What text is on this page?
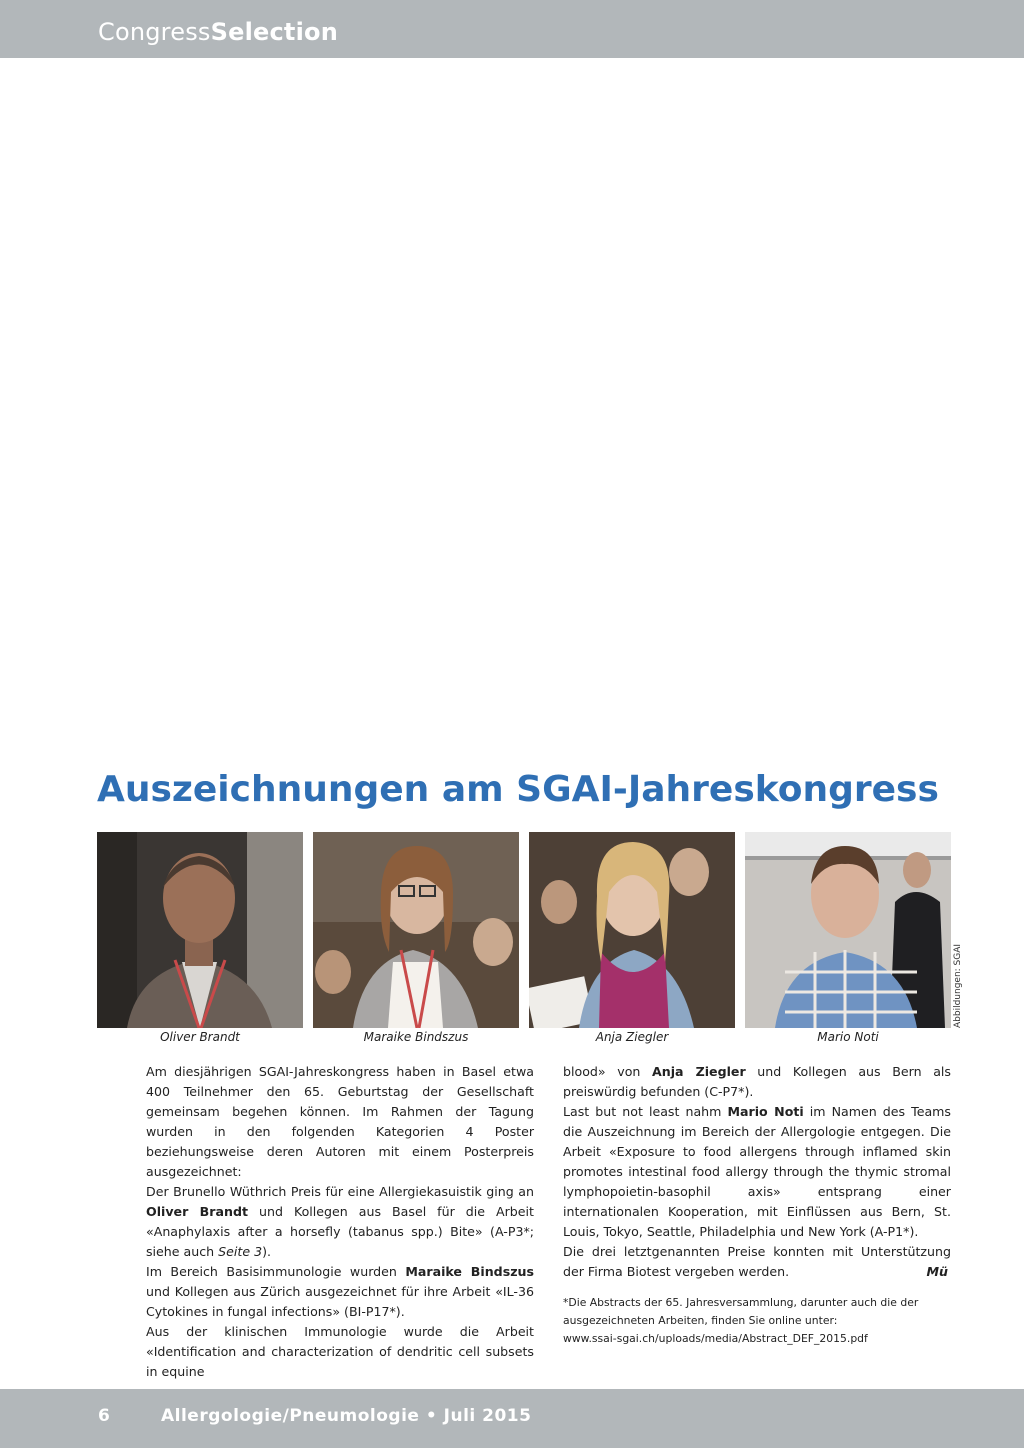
CongressSelection
Auszeichnungen am SGAI-Jahreskongress
Oliver Brandt	Maraike Bindszus	Anja Ziegler	Mario Noti
Abbildungen: SGAI

Am diesjährigen SGAI-Jahreskongress haben in Basel etwa 400 Teilnehmer den 65. Geburtstag der Gesellschaft gemeinsam begehen können. Im Rahmen der Tagung wurden in den folgenden Kategorien 4 Poster beziehungsweise deren Autoren mit einem Posterpreis ausgezeichnet:

Der Brunello Wüthrich Preis für eine Allergiekasuistik ging an Oliver Brandt und Kollegen aus Basel für die Arbeit «Anaphylaxis after a horsefly (tabanus spp.) Bite» (A-P3*; siehe auch Seite 3).

Im Bereich Basisimmunologie wurden Maraike Bindszus und Kollegen aus Zürich ausgezeichnet für ihre Arbeit «IL-36 Cytokines in fungal infections» (BI-P17*).

Aus der klinischen Immunologie wurde die Arbeit «Identification and characterization of dendritic cell subsets in equine

blood» von Anja Ziegler und Kollegen aus Bern als preiswürdig befunden (C-P7*).

Last but not least nahm Mario Noti im Namen des Teams die Auszeichnung im Bereich der Allergologie entgegen. Die Arbeit «Exposure to food allergens through inflamed skin promotes intestinal food allergy through the thymic stromal lymphopoietin-basophil axis» entsprang einer internationalen Kooperation, mit Einflüssen aus Bern, St. Louis, Tokyo, Seattle, Philadelphia und New York (A-P1*).

Die drei letztgenannten Preise konnten mit Unterstützung der Firma Biotest vergeben werden.	Mü

*Die Abstracts der 65. Jahresversammlung, darunter auch die der ausgezeichneten Arbeiten, finden Sie online unter:
www.ssai-sgai.ch/uploads/media/Abstract_DEF_2015.pdf
6	Allergologie/Pneumologie • Juli 2015
